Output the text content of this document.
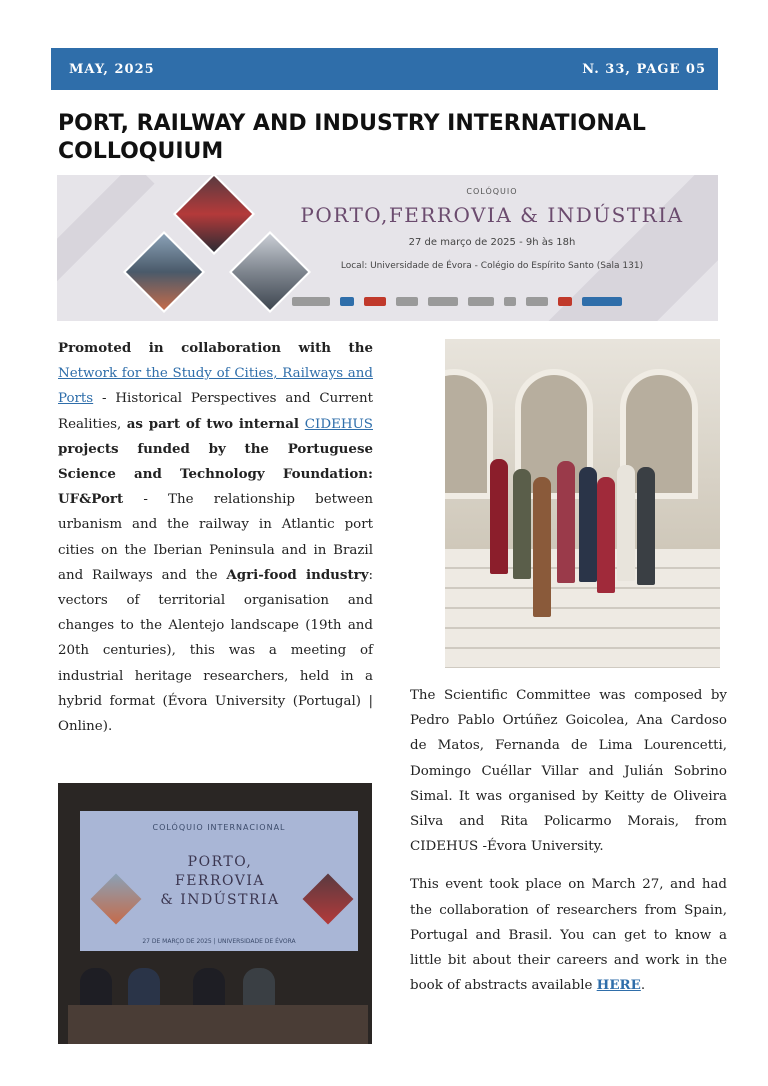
MAY, 2025	N. 33, PAGE 05
PORT, RAILWAY AND INDUSTRY INTERNATIONAL COLLOQUIUM
COLÓQUIO
PORTO,FERROVIA & INDÚSTRIA
27 de março de 2025 - 9h às 18h
Local: Universidade de Évora - Colégio do Espírito Santo (Sala 131)
Promoted in collaboration with the Network for the Study of Cities, Railways and Ports - Historical Perspectives and Current Realities, as part of two internal CIDEHUS projects funded by the Portuguese Science and Technology Foundation: UF&Port - The relationship between urbanism and the railway in Atlantic port cities on the Iberian Peninsula and in Brazil and Railways and the Agri-food industry: vectors of territorial organisation and changes to the Alentejo landscape (19th and 20th centuries), this was a meeting of industrial heritage researchers, held in a hybrid format (Évora University (Portugal) | Online).
COLÓQUIO INTERNACIONAL
PORTO,
FERROVIA
& INDÚSTRIA
27 DE MARÇO DE 2025 | UNIVERSIDADE DE ÉVORA

The Scientific Committee was composed by Pedro Pablo Ortúñez Goicolea, Ana Cardoso de Matos, Fernanda de Lima Lourencetti, Domingo Cuéllar Villar and Julián Sobrino Simal. It was organised by Keitty de Oliveira Silva and Rita Policarmo Morais, from CIDEHUS -Évora University.

This event took place on March 27, and had the collaboration of researchers from Spain, Portugal and Brasil. You can get to know a little bit about their careers and work in the book of abstracts available HERE.
